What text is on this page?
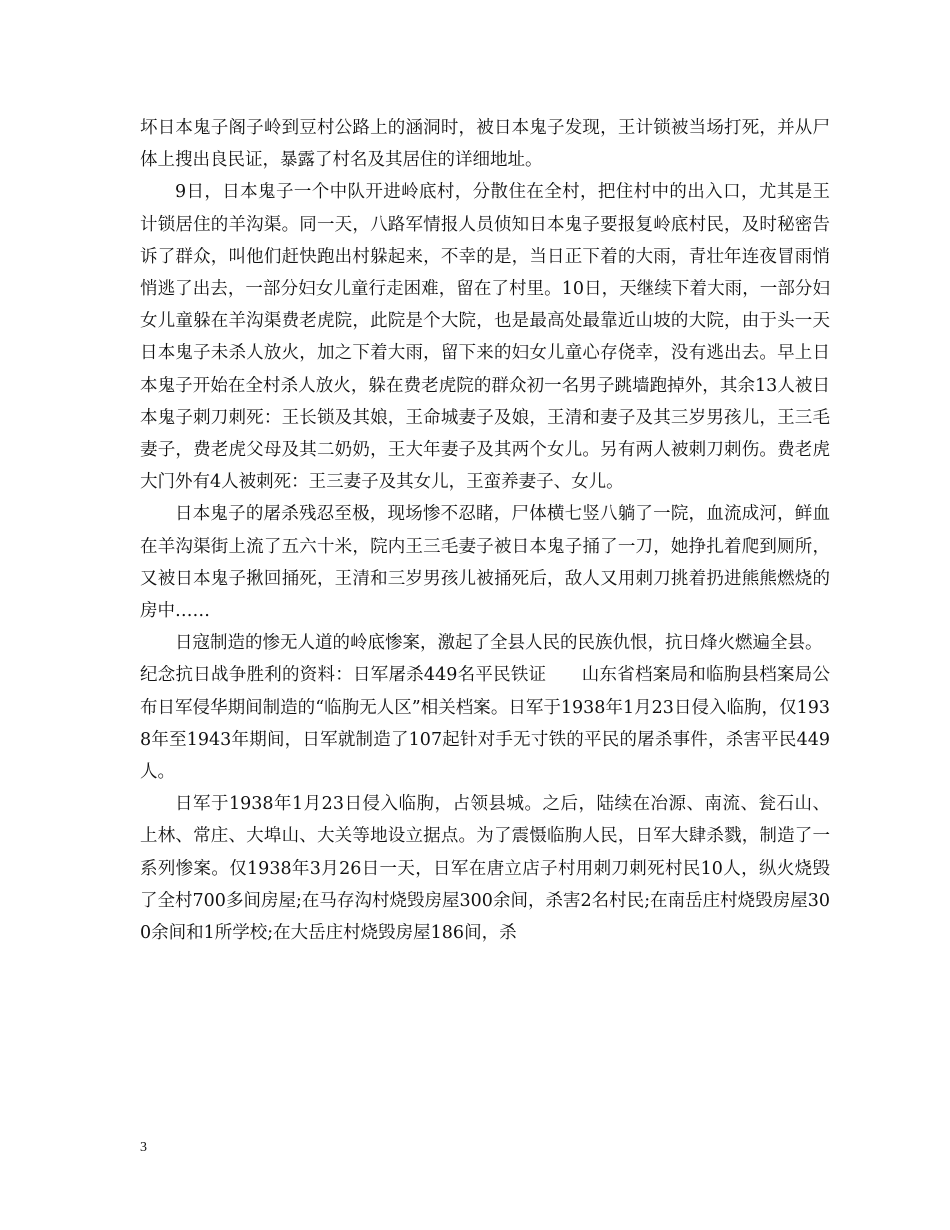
坏日本鬼子阁子岭到豆村公路上的涵洞时，被日本鬼子发现，王计锁被当场打死，并从尸体上搜出良民证，暴露了村名及其居住的详细地址。

9日，日本鬼子一个中队开进岭底村，分散住在全村，把住村中的出入口，尤其是王计锁居住的羊沟渠。同一天，八路军情报人员侦知日本鬼子要报复岭底村民，及时秘密告诉了群众，叫他们赶快跑出村躲起来，不幸的是，当日正下着的大雨，青壮年连夜冒雨悄悄逃了出去，一部分妇女儿童行走困难，留在了村里。10日，天继续下着大雨，一部分妇女儿童躲在羊沟渠费老虎院，此院是个大院，也是最高处最靠近山坡的大院，由于头一天日本鬼子未杀人放火，加之下着大雨，留下来的妇女儿童心存侥幸，没有逃出去。早上日本鬼子开始在全村杀人放火，躲在费老虎院的群众初一名男子跳墙跑掉外，其余13人被日本鬼子刺刀刺死：王长锁及其娘，王命城妻子及娘，王清和妻子及其三岁男孩儿，王三毛妻子，费老虎父母及其二奶奶，王大年妻子及其两个女儿。另有两人被刺刀刺伤。费老虎大门外有4人被刺死：王三妻子及其女儿，王蛮养妻子、女儿。

日本鬼子的屠杀残忍至极，现场惨不忍睹，尸体横七竖八躺了一院，血流成河，鲜血在羊沟渠街上流了五六十米，院内王三毛妻子被日本鬼子捅了一刀，她挣扎着爬到厕所，又被日本鬼子揪回捅死，王清和三岁男孩儿被捅死后，敌人又用刺刀挑着扔进熊熊燃烧的房中……

日寇制造的惨无人道的岭底惨案，激起了全县人民的民族仇恨，抗日烽火燃遍全县。

纪念抗日战争胜利的资料：日军屠杀449名平民铁证　　山东省档案局和临朐县档案局公布日军侵华期间制造的“临朐无人区”相关档案。日军于1938年1月23日侵入临朐，仅1938年至1943年期间，日军就制造了107起针对手无寸铁的平民的屠杀事件，杀害平民449人。

日军于1938年1月23日侵入临朐，占领县城。之后，陆续在冶源、南流、瓮石山、上林、常庄、大埠山、大关等地设立据点。为了震慑临朐人民，日军大肆杀戮，制造了一系列惨案。仅1938年3月26日一天，日军在唐立店子村用刺刀刺死村民10人，纵火烧毁了全村700多间房屋;在马存沟村烧毁房屋300余间，杀害2名村民;在南岳庄村烧毁房屋300余间和1所学校;在大岳庄村烧毁房屋186间，杀

3
